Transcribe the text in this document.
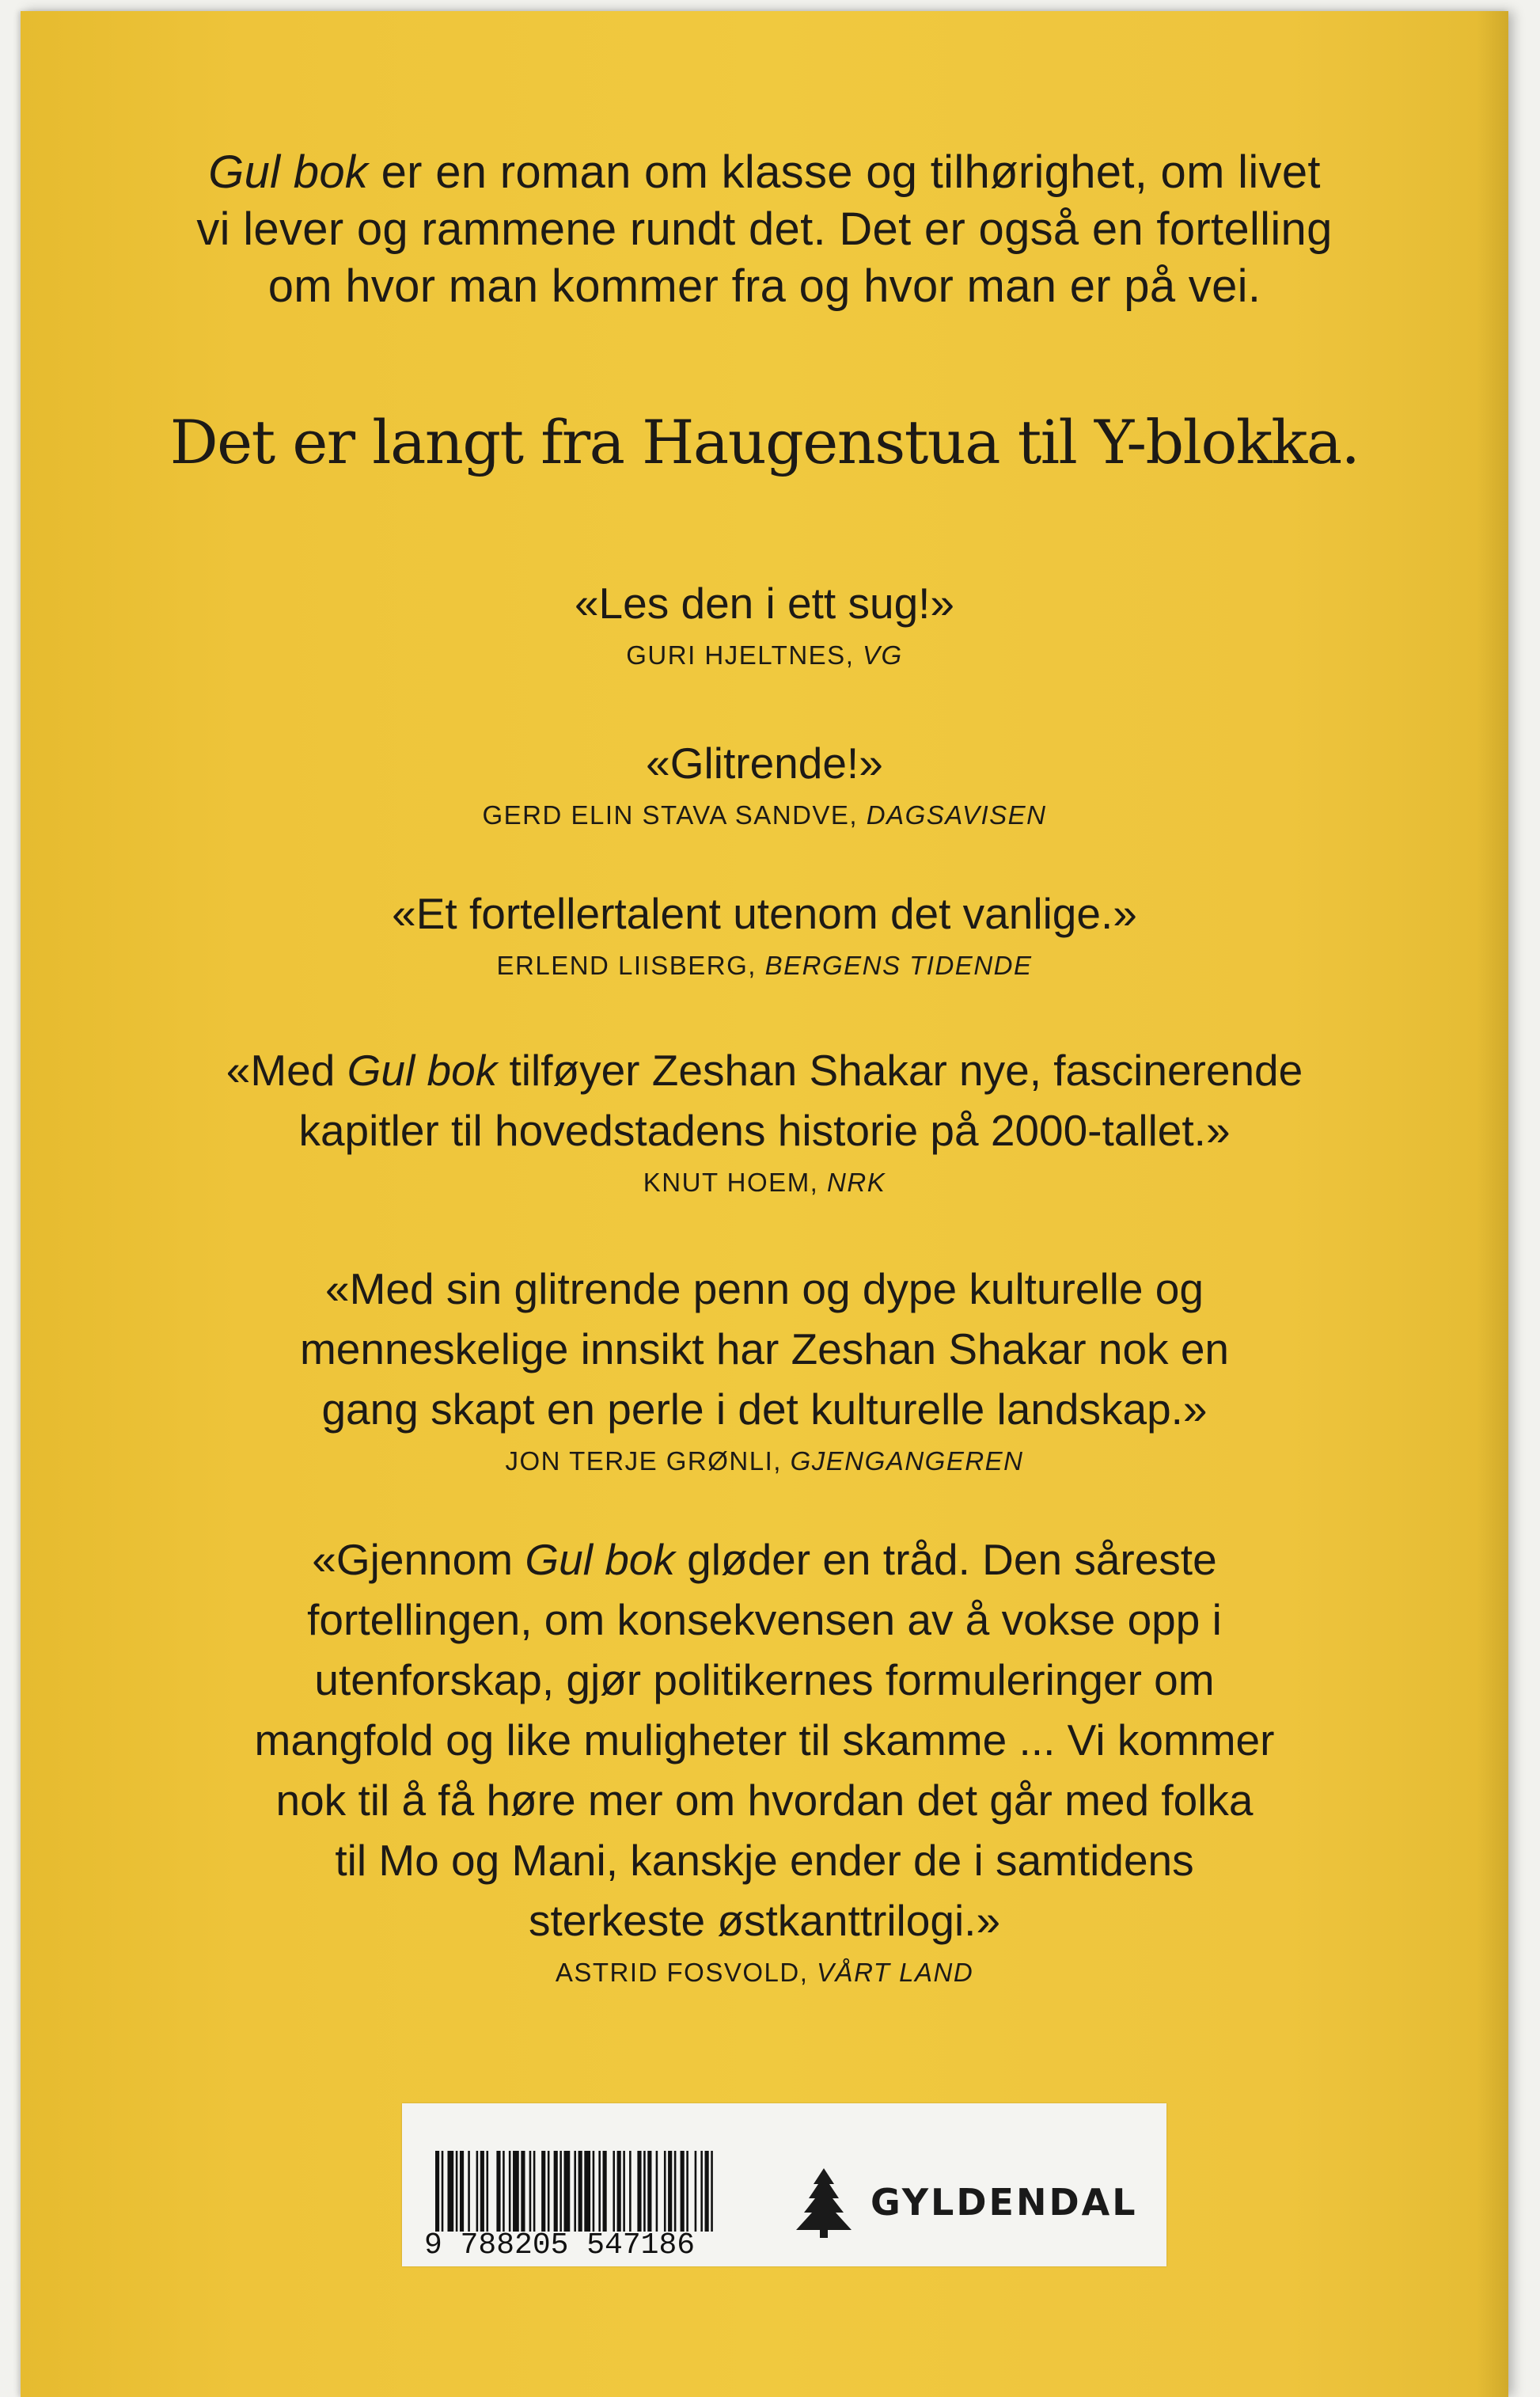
Gul bok er en roman om klasse og tilhørighet, om livet
vi lever og rammene rundt det. Det er også en fortelling
om hvor man kommer fra og hvor man er på vei.
Det er langt fra Haugenstua til Y-blokka.
«Les den i ett sug!»
GURI HJELTNES, VG
«Glitrende!»
GERD ELIN STAVA SANDVE, DAGSAVISEN
«Et fortellertalent utenom det vanlige.»
ERLEND LIISBERG, BERGENS TIDENDE
«Med Gul bok tilføyer Zeshan Shakar nye, fascinerende
kapitler til hovedstadens historie på 2000-tallet.»
KNUT HOEM, NRK
«Med sin glitrende penn og dype kulturelle og
menneskelige innsikt har Zeshan Shakar nok en
gang skapt en perle i det kulturelle landskap.»
JON TERJE GRØNLI, GJENGANGEREN
«Gjennom Gul bok gløder en tråd. Den såreste
fortellingen, om konsekvensen av å vokse opp i
utenforskap, gjør politikernes formuleringer om
mangfold og like muligheter til skamme ... Vi kommer
nok til å få høre mer om hvordan det går med folka
til Mo og Mani, kanskje ender de i samtidens
sterkeste østkanttrilogi.»
ASTRID FOSVOLD, VÅRT LAND
9 788205 547186
GYLDENDAL
